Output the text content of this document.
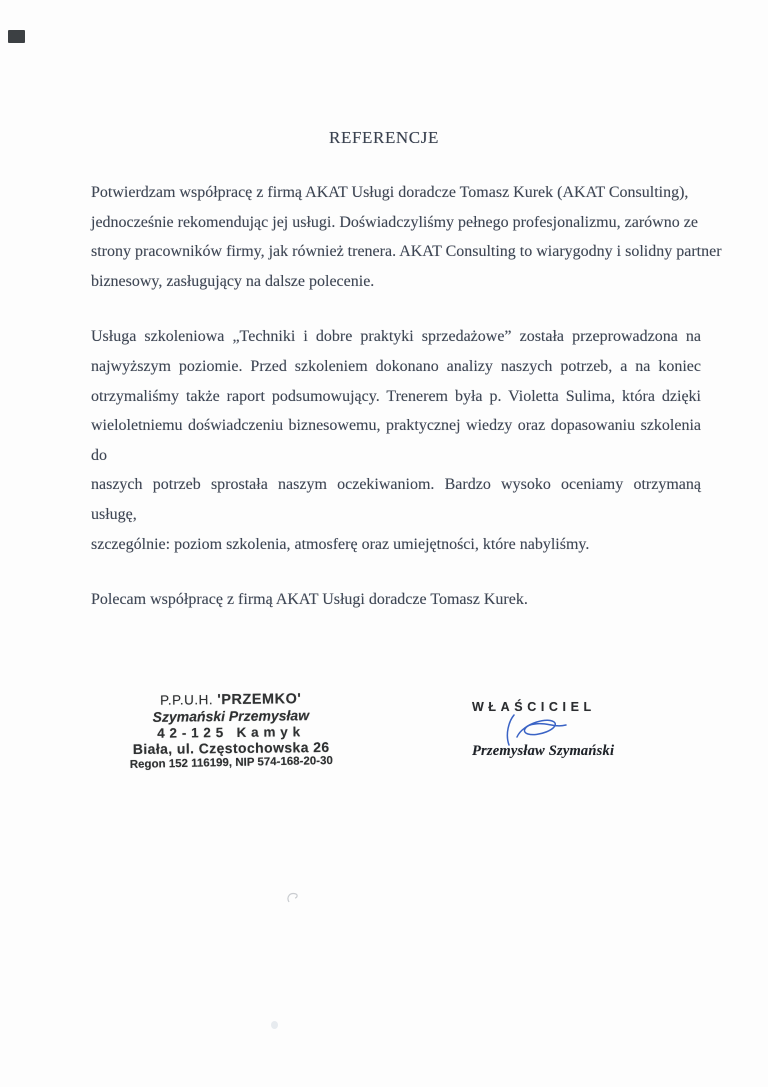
REFERENCJE
Potwierdzam współpracę z firmą AKAT Usługi doradcze Tomasz Kurek (AKAT Consulting),
jednocześnie rekomendując jej usługi. Doświadczyliśmy pełnego profesjonalizmu, zarówno ze
strony pracowników firmy, jak również trenera. AKAT Consulting to wiarygodny i solidny partner
biznesowy, zasługujący na dalsze polecenie.
Usługa szkoleniowa „Techniki i dobre praktyki sprzedażowe” została przeprowadzona na
najwyższym poziomie. Przed szkoleniem dokonano analizy naszych potrzeb, a na koniec
otrzymaliśmy także raport podsumowujący. Trenerem była p. Violetta Sulima, która dzięki
wieloletniemu doświadczeniu biznesowemu, praktycznej wiedzy oraz dopasowaniu szkolenia do
naszych potrzeb sprostała naszym oczekiwaniom. Bardzo wysoko oceniamy otrzymaną usługę,
szczególnie: poziom szkolenia, atmosferę oraz umiejętności, które nabyliśmy.
Polecam współpracę z firmą AKAT Usługi doradcze Tomasz Kurek.
P.P.U.H. 'PRZEMKO'
Szymański Przemysław
42-125 Kamyk
Biała, ul. Częstochowska 26
Regon 152 116199, NIP 574-168-20-30
WŁAŚCICIEL
Przemysław Szymański
